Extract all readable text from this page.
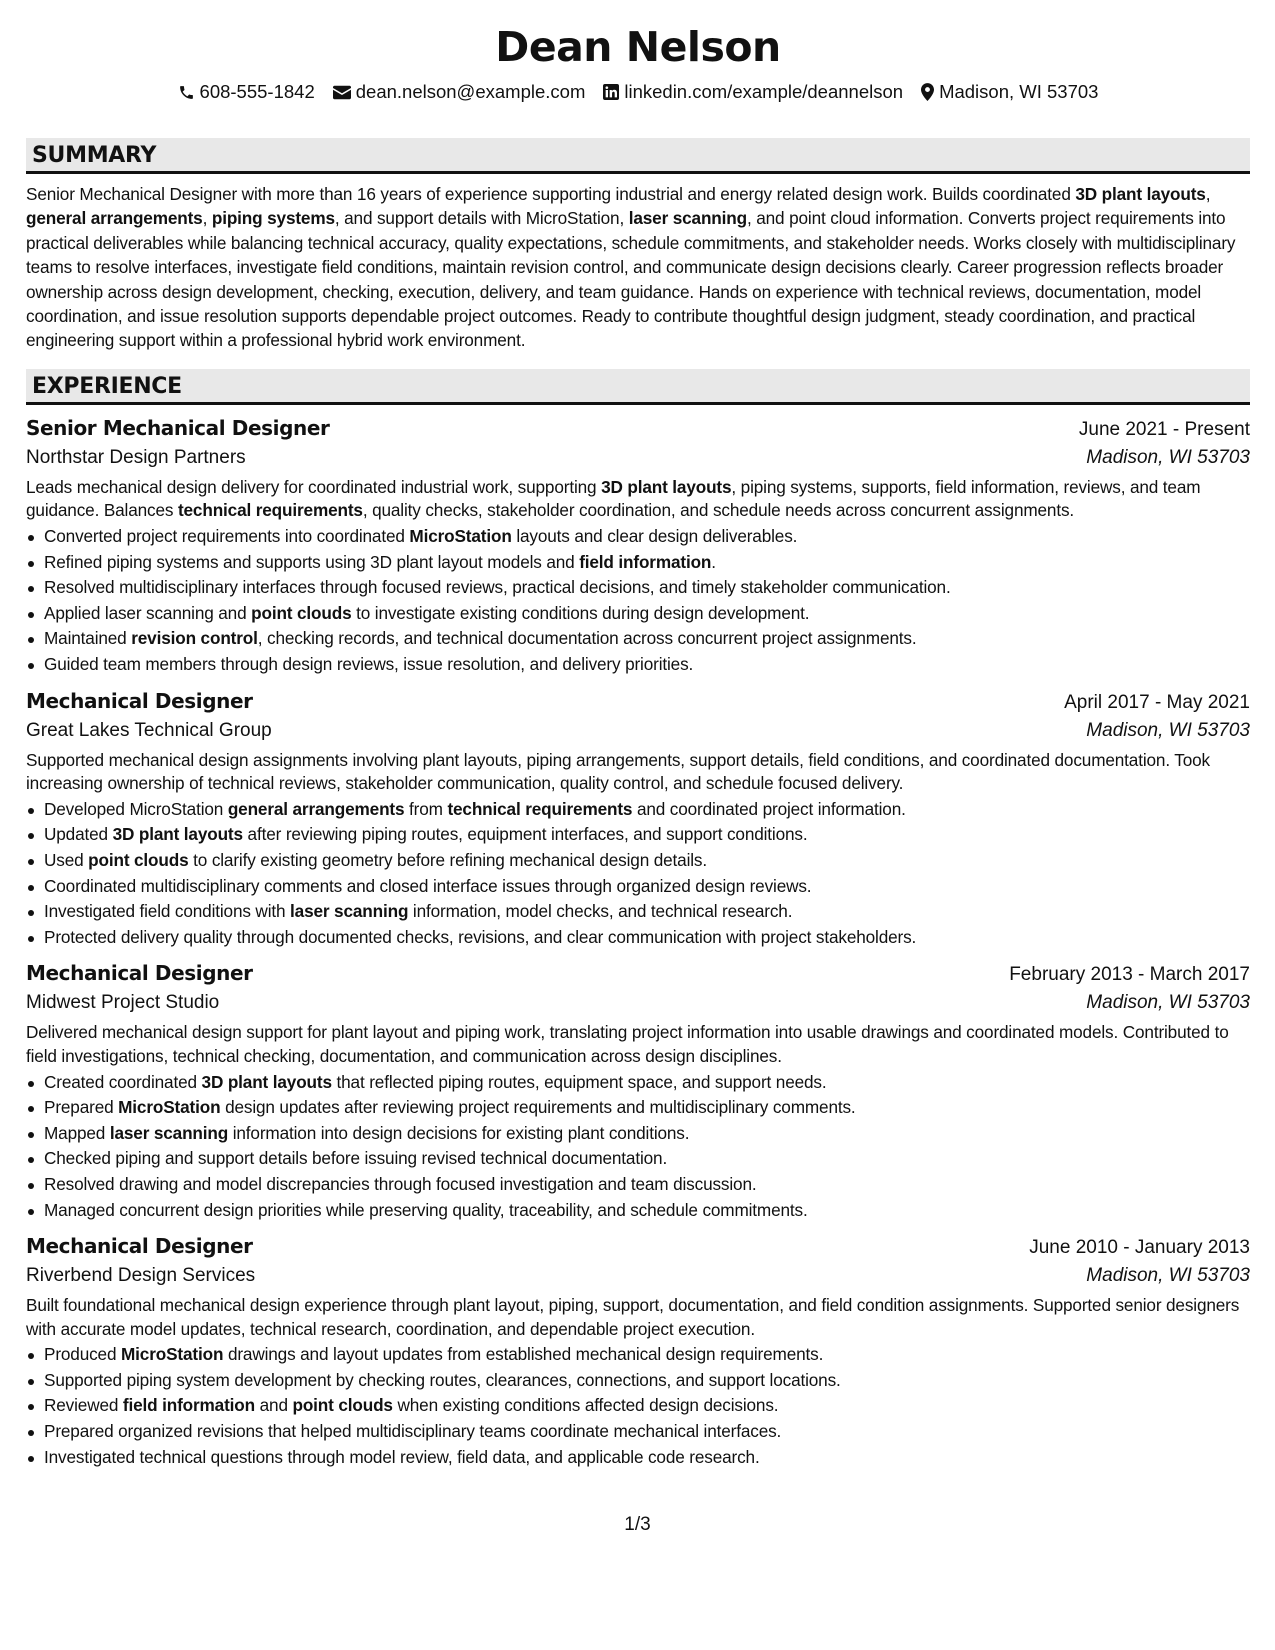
Dean Nelson
608-555-1842 dean.nelson@example.com linkedin.com/example/deannelson Madison, WI 53703
SUMMARY
Senior Mechanical Designer with more than 16 years of experience supporting industrial and energy related design work. Builds coordinated 3D plant layouts, general arrangements, piping systems, and support details with MicroStation, laser scanning, and point cloud information. Converts project requirements into practical deliverables while balancing technical accuracy, quality expectations, schedule commitments, and stakeholder needs. Works closely with multidisciplinary teams to resolve interfaces, investigate field conditions, maintain revision control, and communicate design decisions clearly. Career progression reflects broader ownership across design development, checking, execution, delivery, and team guidance. Hands on experience with technical reviews, documentation, model coordination, and issue resolution supports dependable project outcomes. Ready to contribute thoughtful design judgment, steady coordination, and practical engineering support within a professional hybrid work environment.
EXPERIENCE
Senior Mechanical Designer	June 2021 - Present
Northstar Design Partners	Madison, WI 53703
Leads mechanical design delivery for coordinated industrial work, supporting 3D plant layouts, piping systems, supports, field information, reviews, and team guidance. Balances technical requirements, quality checks, stakeholder coordination, and schedule needs across concurrent assignments.
Converted project requirements into coordinated MicroStation layouts and clear design deliverables.
Refined piping systems and supports using 3D plant layout models and field information.
Resolved multidisciplinary interfaces through focused reviews, practical decisions, and timely stakeholder communication.
Applied laser scanning and point clouds to investigate existing conditions during design development.
Maintained revision control, checking records, and technical documentation across concurrent project assignments.
Guided team members through design reviews, issue resolution, and delivery priorities.
Mechanical Designer	April 2017 - May 2021
Great Lakes Technical Group	Madison, WI 53703
Supported mechanical design assignments involving plant layouts, piping arrangements, support details, field conditions, and coordinated documentation. Took increasing ownership of technical reviews, stakeholder communication, quality control, and schedule focused delivery.
Developed MicroStation general arrangements from technical requirements and coordinated project information.
Updated 3D plant layouts after reviewing piping routes, equipment interfaces, and support conditions.
Used point clouds to clarify existing geometry before refining mechanical design details.
Coordinated multidisciplinary comments and closed interface issues through organized design reviews.
Investigated field conditions with laser scanning information, model checks, and technical research.
Protected delivery quality through documented checks, revisions, and clear communication with project stakeholders.
Mechanical Designer	February 2013 - March 2017
Midwest Project Studio	Madison, WI 53703
Delivered mechanical design support for plant layout and piping work, translating project information into usable drawings and coordinated models. Contributed to field investigations, technical checking, documentation, and communication across design disciplines.
Created coordinated 3D plant layouts that reflected piping routes, equipment space, and support needs.
Prepared MicroStation design updates after reviewing project requirements and multidisciplinary comments.
Mapped laser scanning information into design decisions for existing plant conditions.
Checked piping and support details before issuing revised technical documentation.
Resolved drawing and model discrepancies through focused investigation and team discussion.
Managed concurrent design priorities while preserving quality, traceability, and schedule commitments.
Mechanical Designer	June 2010 - January 2013
Riverbend Design Services	Madison, WI 53703
Built foundational mechanical design experience through plant layout, piping, support, documentation, and field condition assignments. Supported senior designers with accurate model updates, technical research, coordination, and dependable project execution.
Produced MicroStation drawings and layout updates from established mechanical design requirements.
Supported piping system development by checking routes, clearances, connections, and support locations.
Reviewed field information and point clouds when existing conditions affected design decisions.
Prepared organized revisions that helped multidisciplinary teams coordinate mechanical interfaces.
Investigated technical questions through model review, field data, and applicable code research.
1/3
